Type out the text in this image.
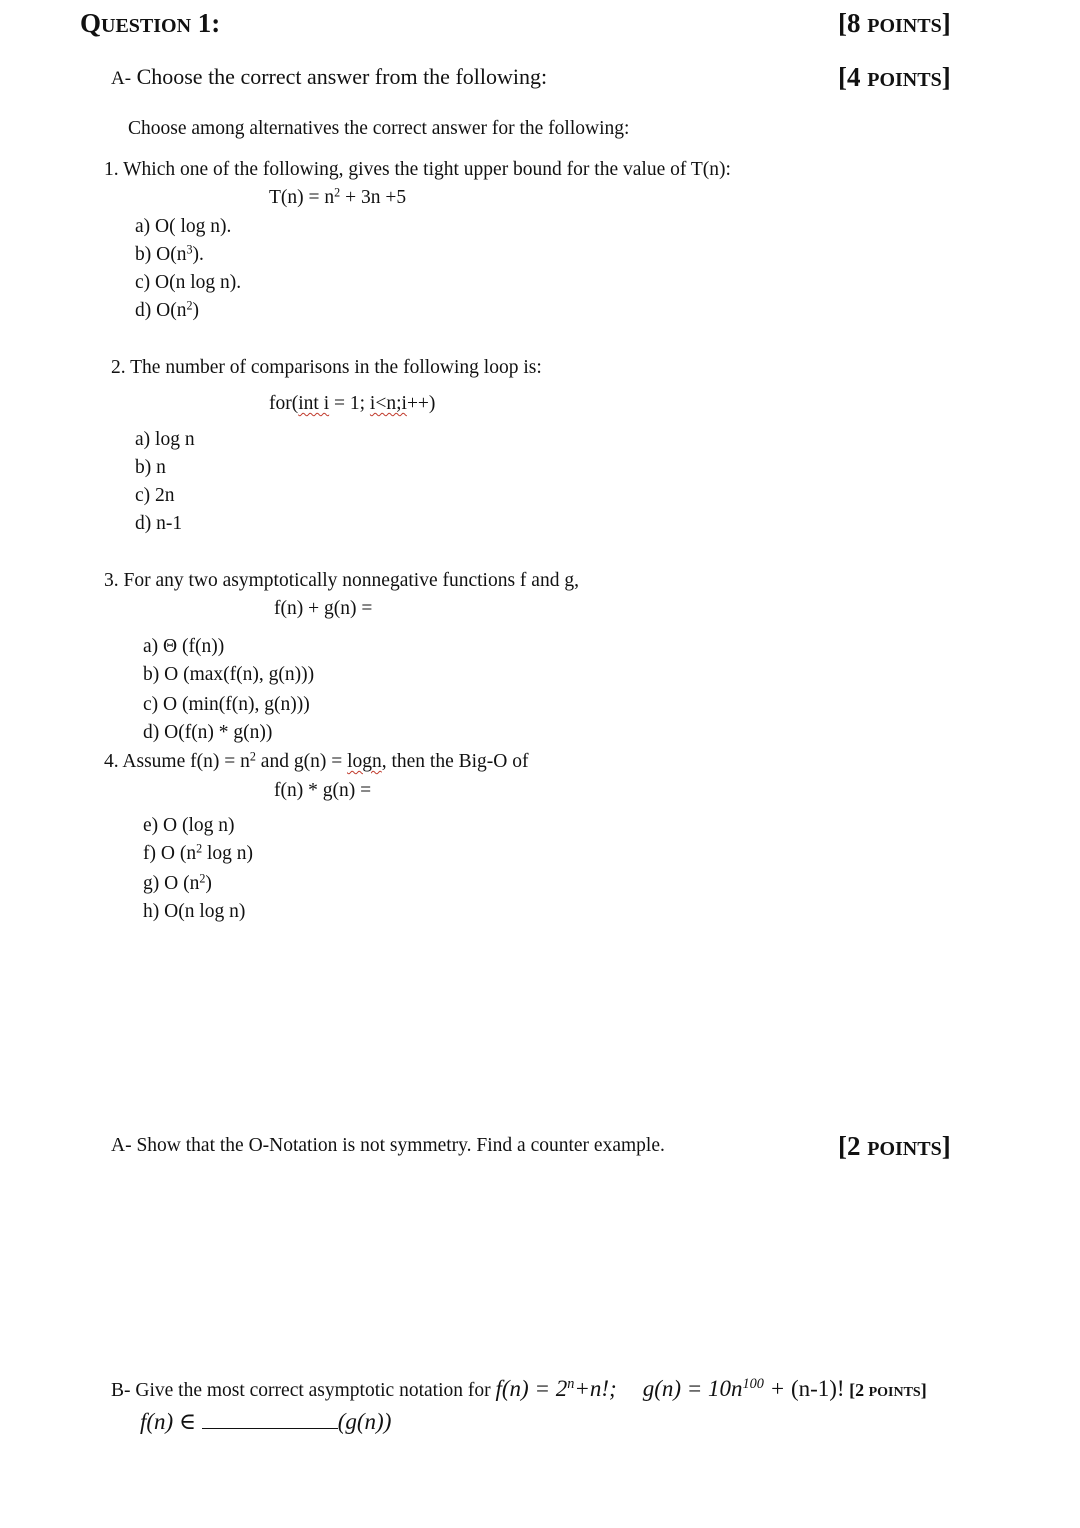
QUESTION 1:	[8 POINTS]
A- Choose the correct answer from the following:	[4 POINTS]
Choose among alternatives the correct answer for the following:
1. Which one of the following, gives the tight upper bound for the value of T(n):
$T(n) = n^2 + 3n +5$
a) O( log n).
b) $O(n^3)$.
c) O(n log n).
d) $O(n^2)$
2. The number of comparisons in the following loop is:
for(int i = 1; i<n;i++)
a) log n
b) n
c) 2n
d) n-1
3. For any two asymptotically nonnegative functions f and g,
f(n) + g(n) =
a) Θ (f(n))
b) O (max(f(n), g(n)))
c) O (min(f(n), g(n)))
d) O(f(n) * g(n))
4. Assume $f(n) = n^2$ and g(n) = logn, then the Big-O of
f(n) * g(n) =
e) O (log n)
f) O ($n^2$ log n)
g) O $(n^2)$
h) O(n log n)
A- Show that the O-Notation is not symmetry. Find a counter example.	[2 POINTS]
B- Give the most correct asymptotic notation for $f(n) = 2^n+n$!; $g(n) = 10n^{100} + (n-1)$! [2 POINTS]
f(n) ∈	(g(n))
